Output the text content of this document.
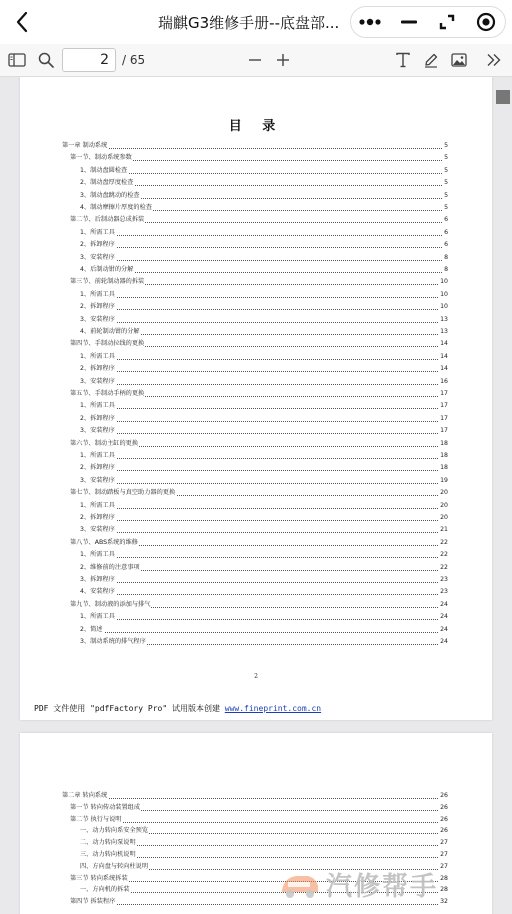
瑞麒G3维修手册--底盘部...
2
/ 65
目 录
第一章 制动系统	5
第一节、制动系统参数	5
1、制动盘圆检查	5
2、制动盘厚度检查	5
3、制动盘跳动的检查	5
4、制动摩擦片厚度的检查	5
第二节、后制动器总成拆装	6
1、所需工具	6
2、拆卸程序	6
3、安装程序	8
4、后制动钳的分解	8
第三节、前轮制动器的拆装	10
1、所需工具	10
2、拆卸程序	10
3、安装程序	13
4、前轮制动钳的分解	13
第四节、手制动拉线的更换	14
1、所需工具	14
2、拆卸程序	14
3、安装程序	16
第五节、手制动手柄的更换	17
1、所需工具	17
2、拆卸程序	17
3、安装程序	17
第六节、制动主缸的更换	18
1、所需工具	18
2、拆卸程序	18
3、安装程序	19
第七节、制动踏板与真空助力器的更换	20
1、所需工具	20
2、拆卸程序	20
3、安装程序	21
第八节、ABS系统的维修	22
1、所需工具	22
2、维修前的注意事项	22
3、拆卸程序	23
4、安装程序	23
第九节、制动液的添加与排气	24
1、所需工具	24
2、简述	24
3、制动系统的排气程序	24
2
PDF 文件使用 "pdfFactory Pro" 试用版本创建 www.fineprint.com.cn
第二章 转向系统	26
第一节 转向传动装置组成	26
第二节 执行与说明	26
一、动力转向系安全预览	26
二、动力转向泵说明	27
三、动力转向机说明	27
四、方向盘与转向柱说明	27
第三节 转向系统拆装	28
一、方向机的拆装	28
第四节 拆装程序	32
汽修帮手
